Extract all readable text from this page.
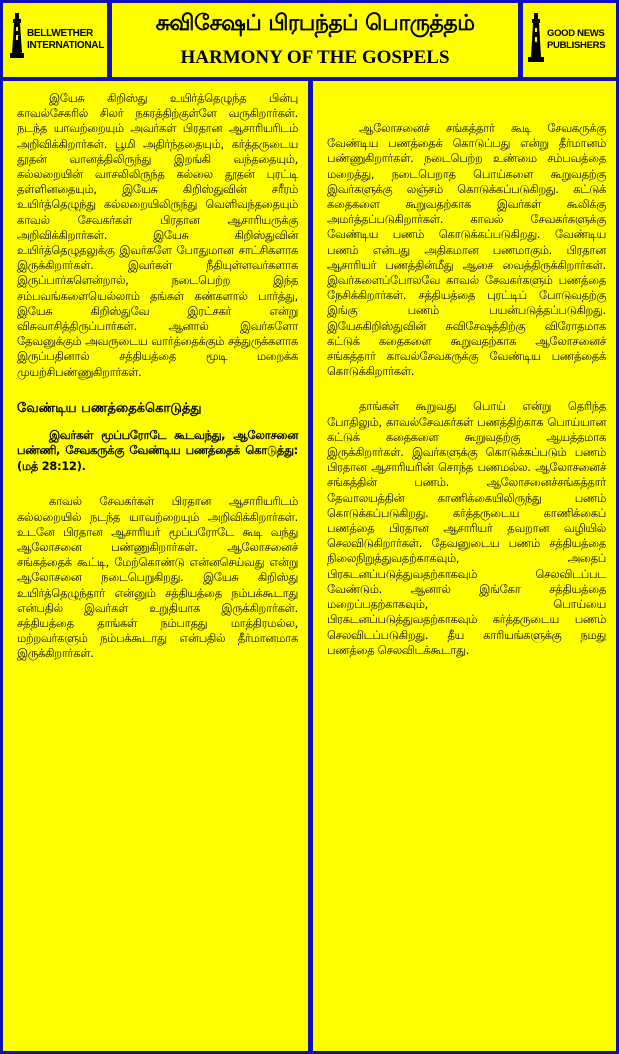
BELLWETHER
INTERNATIONAL
சுவிசேஷப் பிரபந்தப் பொருத்தம்
HARMONY OF THE GOSPELS
GOOD NEWS
PUBLISHERS

இயேசு கிறிஸ்து உயிர்த்தெழுந்த பின்பு காவல்சேகரில் சிலர் நகரத்திற்குள்ளே வருகிறார்கள். நடந்த யாவற்றையும் அவர்கள் பிரதான ஆசாரியரிடம் அறிவிக்கிறார்கள். பூமி அதிர்ந்ததையும், கர்த்தருடைய தூதன் வானத்திலிருந்து இறங்கி வந்ததையும், கல்லறையின் வாசலிலிருந்த கல்லை தூதன் புரட்டி தள்ளினதையும், இயேசு கிறிஸ்துவின் சரீரம் உயிர்த்தெழுந்து கல்லறையிலிருந்து வெளிவந்ததையும் காவல் சேவகர்கள் பிரதான ஆசாரியருக்கு அறிவிக்கிறார்கள். இயேசு கிறிஸ்துவின் உயிர்த்தெழுதலுக்கு இவர்களே போதுமான சாட்சிகளாக இருக்கிறார்கள். இவர்கள் நீதியுள்ளவர்களாக இருப்பார்களென்றால், நடைபெற்ற இந்த சம்பவங்களையெல்லாம் தங்கள் கண்களால் பார்த்து, இயேசு கிறிஸ்துவே இரட்சகர் என்று விசுவாசித்திருப்பார்கள். ஆனால் இவர்களோ தேவனுக்கும் அவருடைய வார்த்தைக்கும் சத்துருக்களாக இருப்பதினால் சத்தியத்தை மூடி மறைக்க முயற்சிபண்ணுகிறார்கள்.

வேண்டிய பணத்தைக்கொடுத்து

இவர்கள் மூப்பரோடே கூடவந்து, ஆலோசனை பண்ணி, சேவகருக்கு வேண்டிய பணத்தைக் கொடுத்து: (மத் 28:12).

காவல் சேவகர்கள் பிரதான ஆசாரியரிடம் கல்லறையில் நடந்த யாவற்றையும் அறிவிக்கிறார்கள். உடனே பிரதான ஆசாரியர் மூப்பரோடே கூடி வந்து ஆலோசனை பண்ணுகிறார்கள். ஆலோசனைச் சங்கத்தைக் கூட்டி, மேற்கொண்டு என்னசெய்வது என்று ஆலோசனை நடைபெறுகிறது. இயேசு கிறிஸ்து உயிர்த்தெழுந்தார் என்னும் சத்தியத்தை நம்பக்கூடாது என்பதில் இவர்கள் உறுதியாக இருக்கிறார்கள். சத்தியத்தை தாங்கள் நம்பாதது மாத்திரமல்ல, மற்றவர்களும் நம்பக்கூடாது என்பதில் தீர்மானமாக இருக்கிறார்கள்.

ஆலோசனைச் சங்கத்தார் கூடி சேவகருக்கு வேண்டிய பணத்தைக் கொடுப்பது என்று தீர்மானம் பண்ணுகிறார்கள். நடைபெற்ற உண்மை சம்பவத்தை மறைத்து, நடைபெறாத பொய்களை கூறுவதற்கு இவர்களுக்கு லஞ்சம் கொடுக்கப்படுகிறது. கட்டுக் கதைகளை கூறுவதற்காக இவர்கள் கூலிக்கு அமர்த்தப்படுகிறார்கள். காவல் சேவகர்களுக்கு வேண்டிய பணம் கொடுக்கப்படுகிறது. வேண்டிய பணம் என்பது அதிகமான பணமாகும். பிரதான ஆசாரியர் பணத்தின்மீது ஆசை வைத்திருக்கிறார்கள். இவர்களைப்போலவே காவல் சேவகர்களும் பணத்தை நேசிக்கிறார்கள். சத்தியத்தை புரட்டிப் போடுவதற்கு இங்கு பணம் பயன்படுத்தப்படுகிறது. இயேசுகிறிஸ்துவின் சுவிசேஷத்திற்கு விரோதமாக கட்டுக் கதைகளை கூறுவதற்காக ஆலோசனைச் சங்கத்தார் காவல்சேவகருக்கு வேண்டிய பணத்தைக் கொடுக்கிறார்கள்.

தாங்கள் கூறுவது பொய் என்று தெரிந்த போதிலும், காவல்சேவகர்கள் பணத்திற்காக பொய்யான கட்டுக் கதைகளை கூறுவதற்கு ஆயத்தமாக இருக்கிறார்கள். இவர்களுக்கு கொடுக்கப்படும் பணம் பிரதான ஆசாரியரின் சொந்த பணமல்ல. ஆலோசனைச் சங்கத்தின் பணம். ஆலோசனைச்சங்கத்தார் தேவாலயத்தின் காணிக்கையிலிருந்து பணம் கொடுக்கப்படுகிறது. கர்த்தருடைய காணிக்கைப் பணத்தை பிரதான ஆசாரியர் தவறான வழியில் செலவிடுகிறார்கள். தேவனுடைய பணம் சத்தியத்தை நிலைநிறுத்துவதற்காகவும், அதைப் பிரகடனப்படுத்துவதற்காகவும் செலவிடப்பட வேண்டும். ஆனால் இங்கோ சத்தியத்தை மறைப்பதற்காகவும், பொய்யை பிரகடனப்படுத்துவதற்காகவும் கர்த்தருடைய பணம் செலவிடப்படுகிறது. தீய காரியங்களுக்கு நமது பணத்தை செலவிடக்கூடாது.
